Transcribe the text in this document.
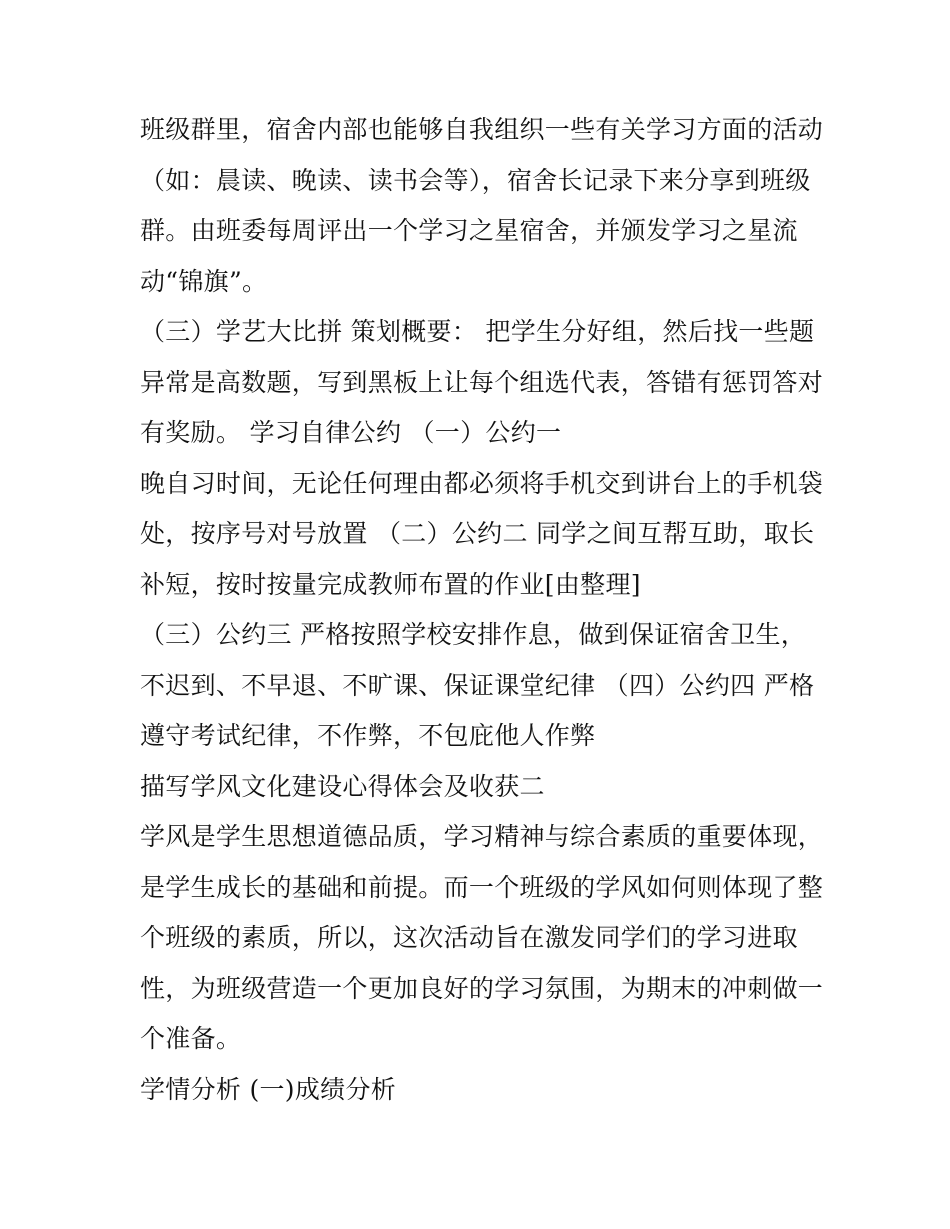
班级群里，宿舍内部也能够自我组织一些有关学习方面的活动
（如：晨读、晚读、读书会等），宿舍长记录下来分享到班级
群。由班委每周评出一个学习之星宿舍，并颁发学习之星流
动“锦旗”。
（三）学艺大比拼 策划概要： 把学生分好组，然后找一些题
异常是高数题，写到黑板上让每个组选代表，答错有惩罚答对
有奖励。 学习自律公约 （一）公约一
晚自习时间，无论任何理由都必须将手机交到讲台上的手机袋
处，按序号对号放置 （二）公约二 同学之间互帮互助，取长
补短，按时按量完成教师布置的作业[由整理]
（三）公约三 严格按照学校安排作息，做到保证宿舍卫生，
不迟到、不早退、不旷课、保证课堂纪律 （四）公约四 严格
遵守考试纪律，不作弊，不包庇他人作弊
描写学风文化建设心得体会及收获二
学风是学生思想道德品质，学习精神与综合素质的重要体现，
是学生成长的基础和前提。而一个班级的学风如何则体现了整
个班级的素质，所以，这次活动旨在激发同学们的学习进取
性，为班级营造一个更加良好的学习氛围，为期末的冲刺做一
个准备。
学情分析 (一)成绩分析
